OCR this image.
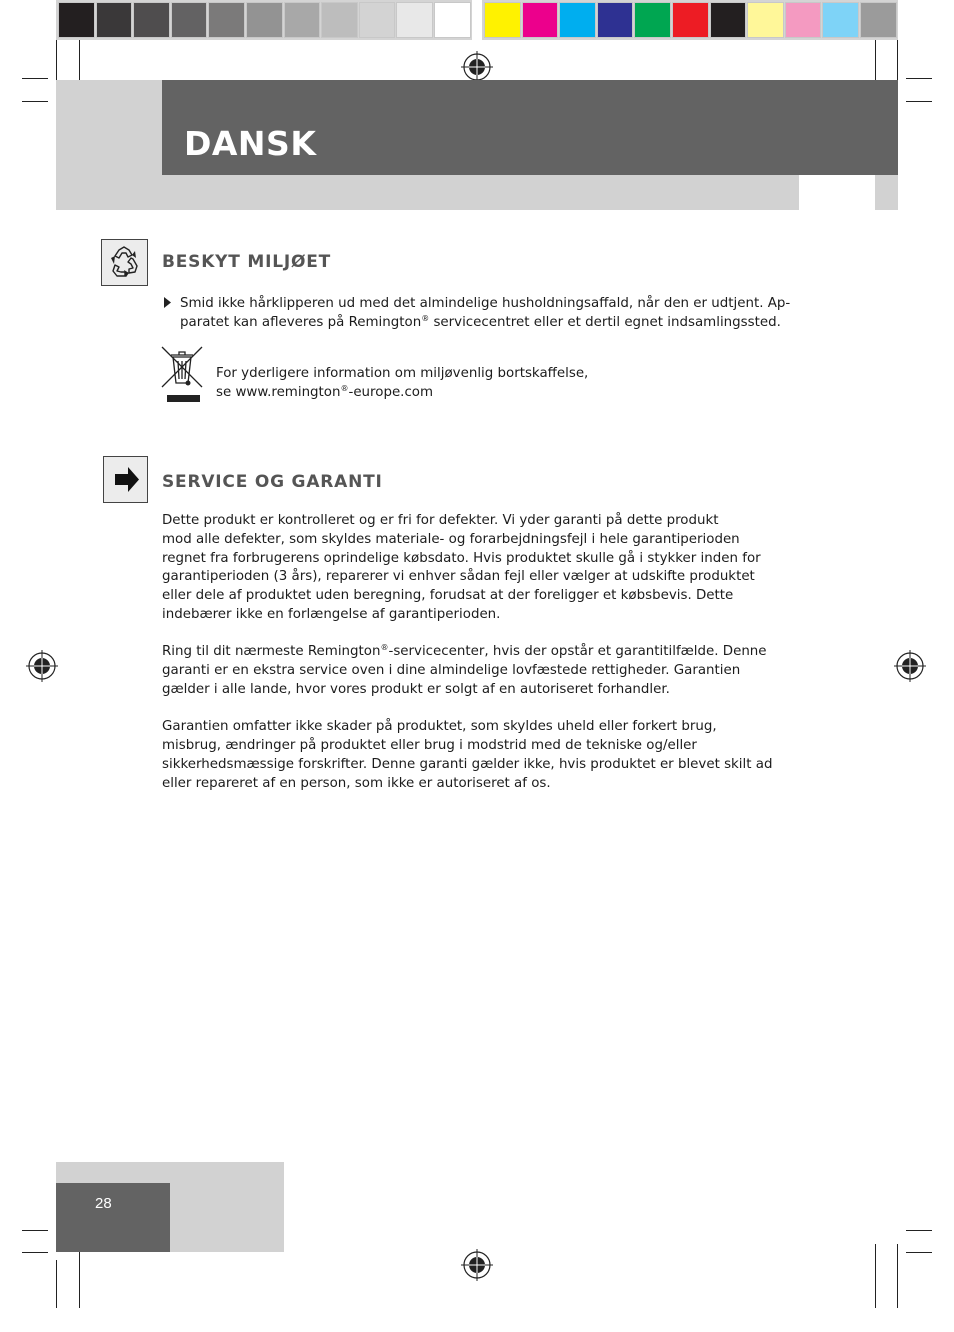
DANSK
BESKYT MILJØET
Smid ikke hårklipperen ud med det almindelige husholdningsaffald, når den er udtjent. Ap-
paratet kan afleveres på Remington® servicecentret eller et dertil egnet indsamlingssted.
For yderligere information om miljøvenlig bortskaffelse,
se www.remington®-europe.com
SERVICE OG GARANTI

Dette produkt er kontrolleret og er fri for defekter. Vi yder garanti på dette produkt
mod alle defekter, som skyldes materiale- og forarbejdningsfejl i hele garantiperioden
regnet fra forbrugerens oprindelige købsdato. Hvis produktet skulle gå i stykker inden for
garantiperioden (3 års), reparerer vi enhver sådan fejl eller vælger at udskifte produktet
eller dele af produktet uden beregning, forudsat at der foreligger et købsbevis. Dette
indebærer ikke en forlængelse af garantiperioden.

Ring til dit nærmeste Remington®-servicecenter, hvis der opstår et garantitilfælde. Denne
garanti er en ekstra service oven i dine almindelige lovfæstede rettigheder. Garantien
gælder i alle lande, hvor vores produkt er solgt af en autoriseret forhandler.

Garantien omfatter ikke skader på produktet, som skyldes uheld eller forkert brug,
misbrug, ændringer på produktet eller brug i modstrid med de tekniske og/eller
sikkerhedsmæssige forskrifter. Denne garanti gælder ikke, hvis produktet er blevet skilt ad
eller repareret af en person, som ikke er autoriseret af os.

28
